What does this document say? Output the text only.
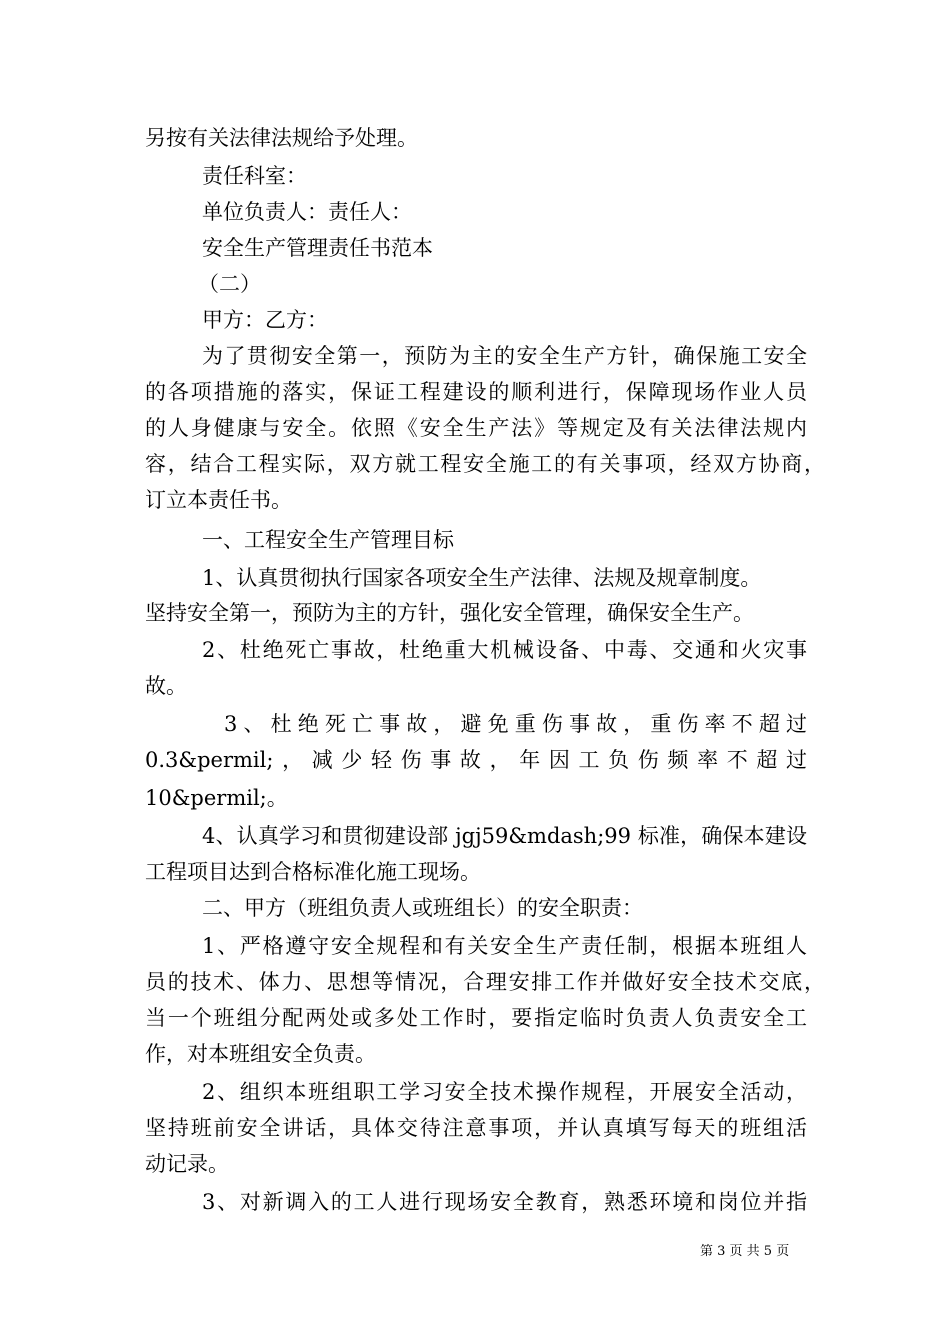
另按有关法律法规给予处理。
责任科室：
单位负责人：责任人：
安全生产管理责任书范本
（二）
甲方：乙方：
为了贯彻安全第一，预防为主的安全生产方针，确保施工安全
的各项措施的落实，保证工程建设的顺利进行，保障现场作业人员
的人身健康与安全。依照《安全生产法》等规定及有关法律法规内
容，结合工程实际，双方就工程安全施工的有关事项，经双方协商，
订立本责任书。
一、工程安全生产管理目标
1、认真贯彻执行国家各项安全生产法律、法规及规章制度。
坚持安全第一，预防为主的方针，强化安全管理，确保安全生产。
2、杜绝死亡事故，杜绝重大机械设备、中毒、交通和火灾事
故。
3、杜绝死亡事故，避免重伤事故，重伤率不超过
0.3&permil;，减少轻伤事故，年因工负伤频率不超过
10&permil;。
4、认真学习和贯彻建设部 jgj59&mdash;99 标准，确保本建设
工程项目达到合格标准化施工现场。
二、甲方（班组负责人或班组长）的安全职责：
1、严格遵守安全规程和有关安全生产责任制，根据本班组人
员的技术、体力、思想等情况，合理安排工作并做好安全技术交底，
当一个班组分配两处或多处工作时，要指定临时负责人负责安全工
作，对本班组安全负责。
2、组织本班组职工学习安全技术操作规程，开展安全活动，
坚持班前安全讲话，具体交待注意事项，并认真填写每天的班组活
动记录。
3、对新调入的工人进行现场安全教育，熟悉环境和岗位并指
第 3 页 共 5 页
